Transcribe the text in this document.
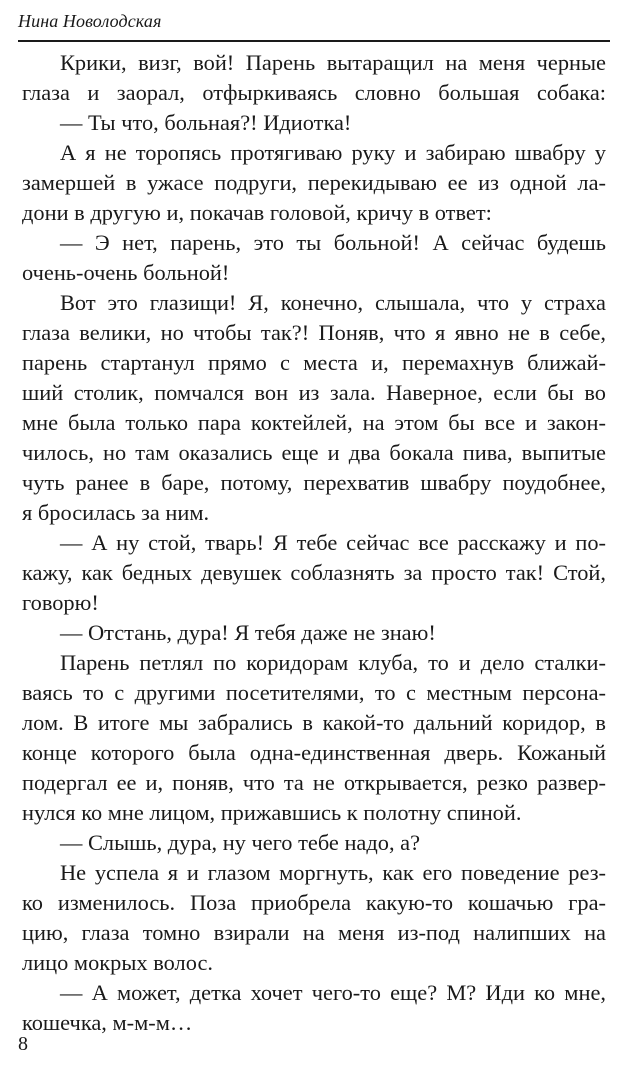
Нина Новолодская
Крики, визг, вой! Парень вытаращил на меня черные
глаза и заорал, отфыркиваясь словно большая собака:
— Ты что, больная?! Идиотка!
А я не торопясь протягиваю руку и забираю швабру у
замершей в ужасе подруги, перекидываю ее из одной ла-
дони в другую и, покачав головой, кричу в ответ:
— Э нет, парень, это ты больной! А сейчас будешь
очень-очень больной!
Вот это глазищи! Я, конечно, слышала, что у страха
глаза велики, но чтобы так?! Поняв, что я явно не в себе,
парень стартанул прямо с места и, перемахнув ближай-
ший столик, помчался вон из зала. Наверное, если бы во
мне была только пара коктейлей, на этом бы все и закон-
чилось, но там оказались еще и два бокала пива, выпитые
чуть ранее в баре, потому, перехватив швабру поудобнее,
я бросилась за ним.
— А ну стой, тварь! Я тебе сейчас все расскажу и по-
кажу, как бедных девушек соблазнять за просто так! Стой,
говорю!
— Отстань, дура! Я тебя даже не знаю!
Парень петлял по коридорам клуба, то и дело сталки-
ваясь то с другими посетителями, то с местным персона-
лом. В итоге мы забрались в какой-то дальний коридор, в
конце которого была одна-единственная дверь. Кожаный
подергал ее и, поняв, что та не открывается, резко развер-
нулся ко мне лицом, прижавшись к полотну спиной.
— Слышь, дура, ну чего тебе надо, а?
Не успела я и глазом моргнуть, как его поведение рез-
ко изменилось. Поза приобрела какую-то кошачью гра-
цию, глаза томно взирали на меня из-под налипших на
лицо мокрых волос.
— А может, детка хочет чего-то еще? М? Иди ко мне,
кошечка, м-м-м…
8
